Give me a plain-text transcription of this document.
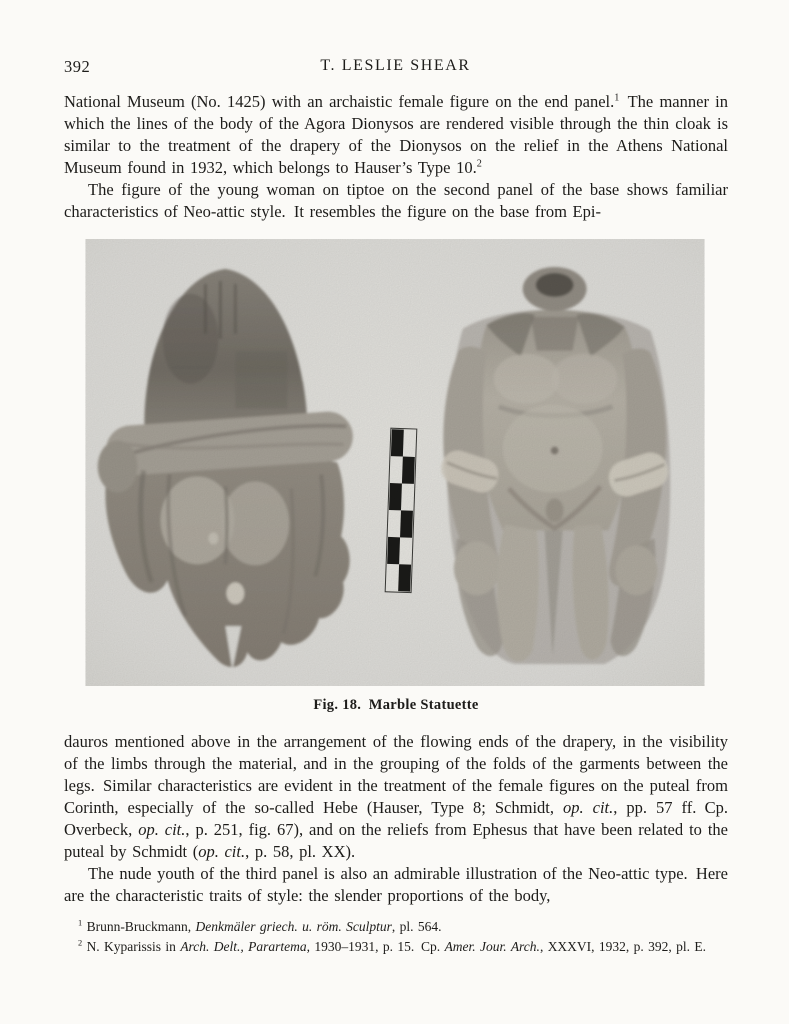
392	T. LESLIE SHEAR

National Museum (No. 1425) with an archaistic female figure on the end panel.$^1$ The manner in which the lines of the body of the Agora Dionysos are rendered visible through the thin cloak is similar to the treatment of the drapery of the Dionysos on the relief in the Athens National Museum found in 1932, which belongs to Hauser’s Type 10.$^2$

The figure of the young woman on tiptoe on the second panel of the base shows familiar characteristics of Neo-attic style. It resembles the figure on the base from Epi-

Fig. 18. Marble Statuette

dauros mentioned above in the arrangement of the flowing ends of the drapery, in the visibility of the limbs through the material, and in the grouping of the folds of the garments between the legs. Similar characteristics are evident in the treatment of the female figures on the puteal from Corinth, especially of the so-called Hebe (Hauser, Type 8; Schmidt, op. cit., pp. 57 ff. Cp. Overbeck, op. cit., p. 251, fig. 67), and on the reliefs from Ephesus that have been related to the puteal by Schmidt (op. cit., p. 58, pl. XX).

The nude youth of the third panel is also an admirable illustration of the Neo-attic type. Here are the characteristic traits of style: the slender proportions of the body,

$^1$ Brunn-Bruckmann, Denkmäler griech. u. röm. Sculptur, pl. 564.

$^2$ N. Kyparissis in Arch. Delt., Parartema, 1930–1931, p. 15. Cp. Amer. Jour. Arch., XXXVI, 1932, p. 392, pl. E.
